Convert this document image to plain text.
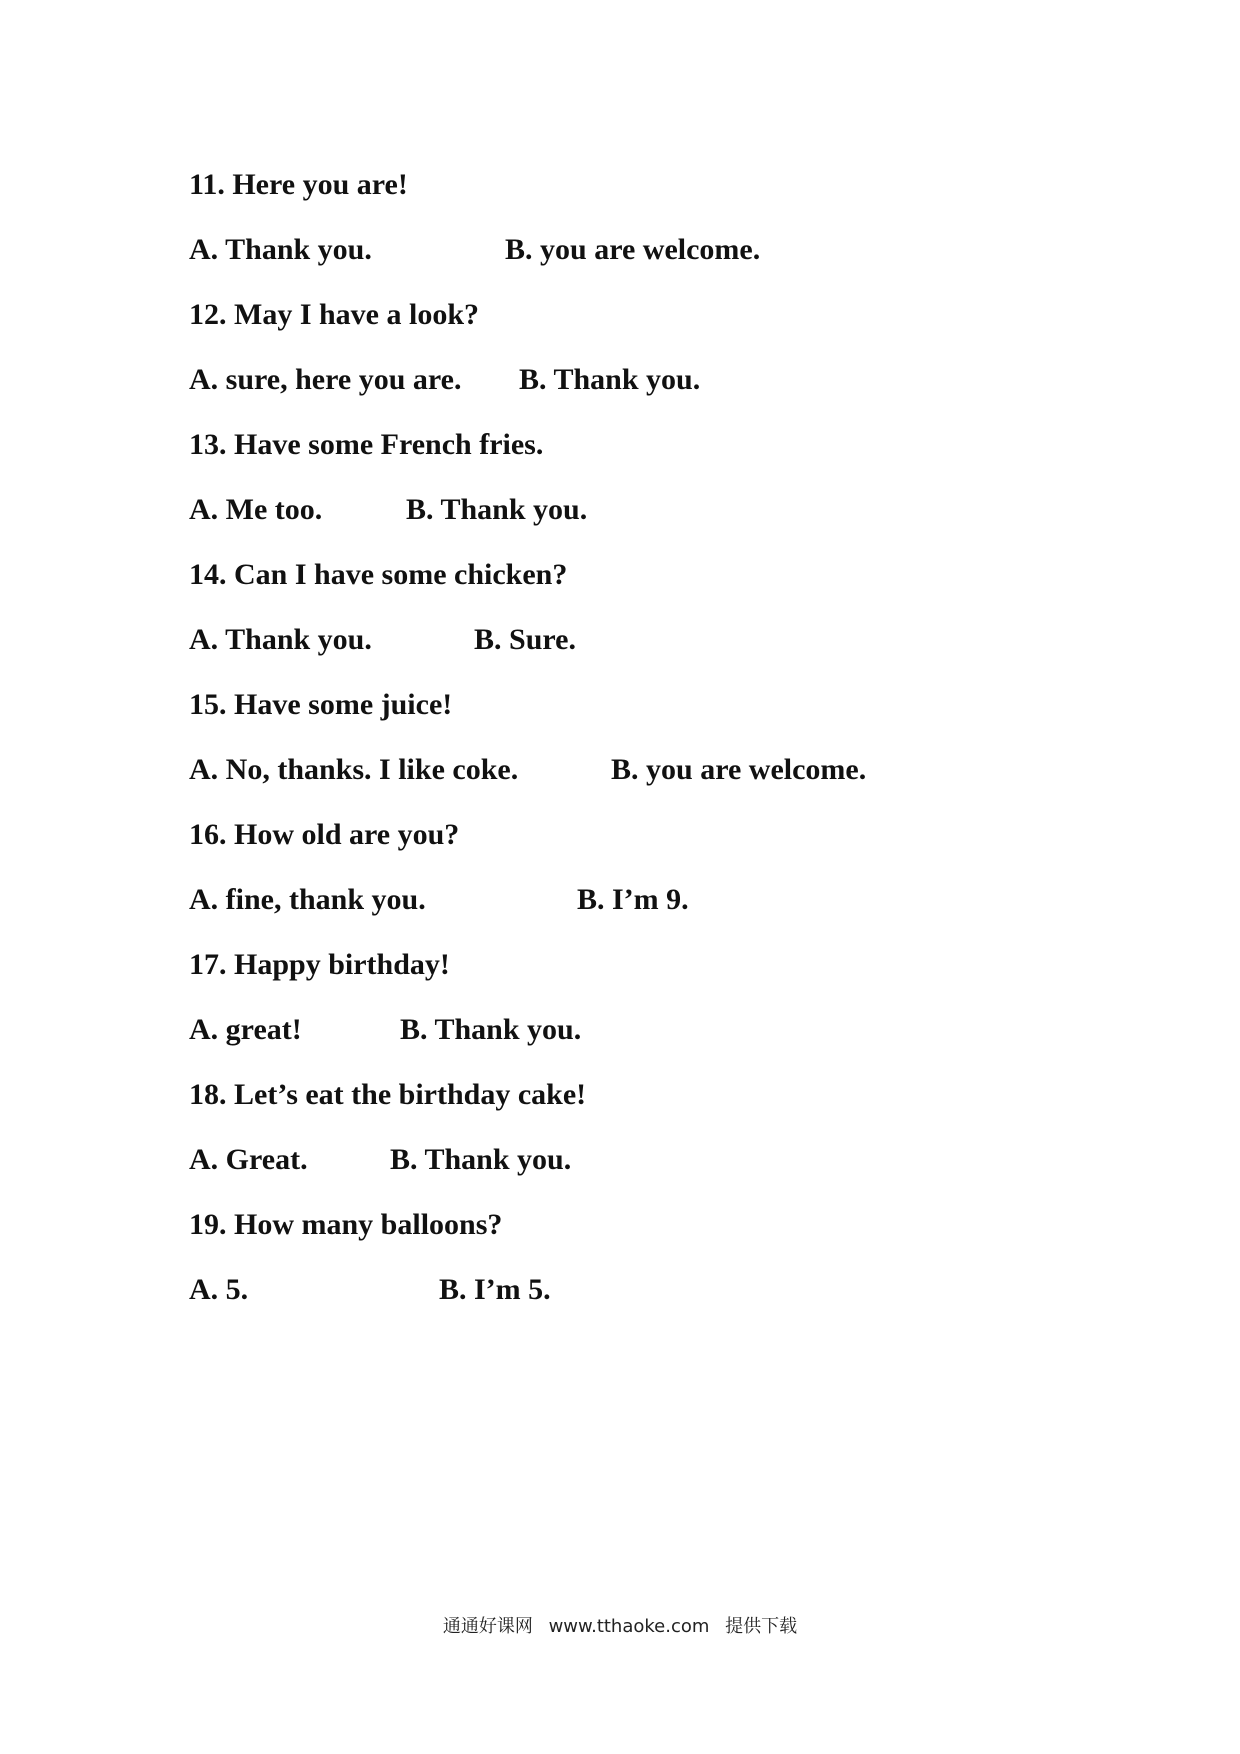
11. Here you are!
A. Thank you.	B. you are welcome.
12. May I have a look?
A. sure, here you are. B. Thank you.
13. Have some French fries.
A. Me too.	B. Thank you.
14. Can I have some chicken?
A. Thank you.	B. Sure.
15. Have some juice!
A. No, thanks. I like coke.	B. you are welcome.
16. How old are you?
A. fine, thank you.	B. I’m 9.
17. Happy birthday!
A. great!	B. Thank you.
18. Let’s eat the birthday cake!
A. Great.	B. Thank you.
19. How many balloons?
A. 5.	B. I’m 5.
通通好课网 www.tthaoke.com 提供下载
